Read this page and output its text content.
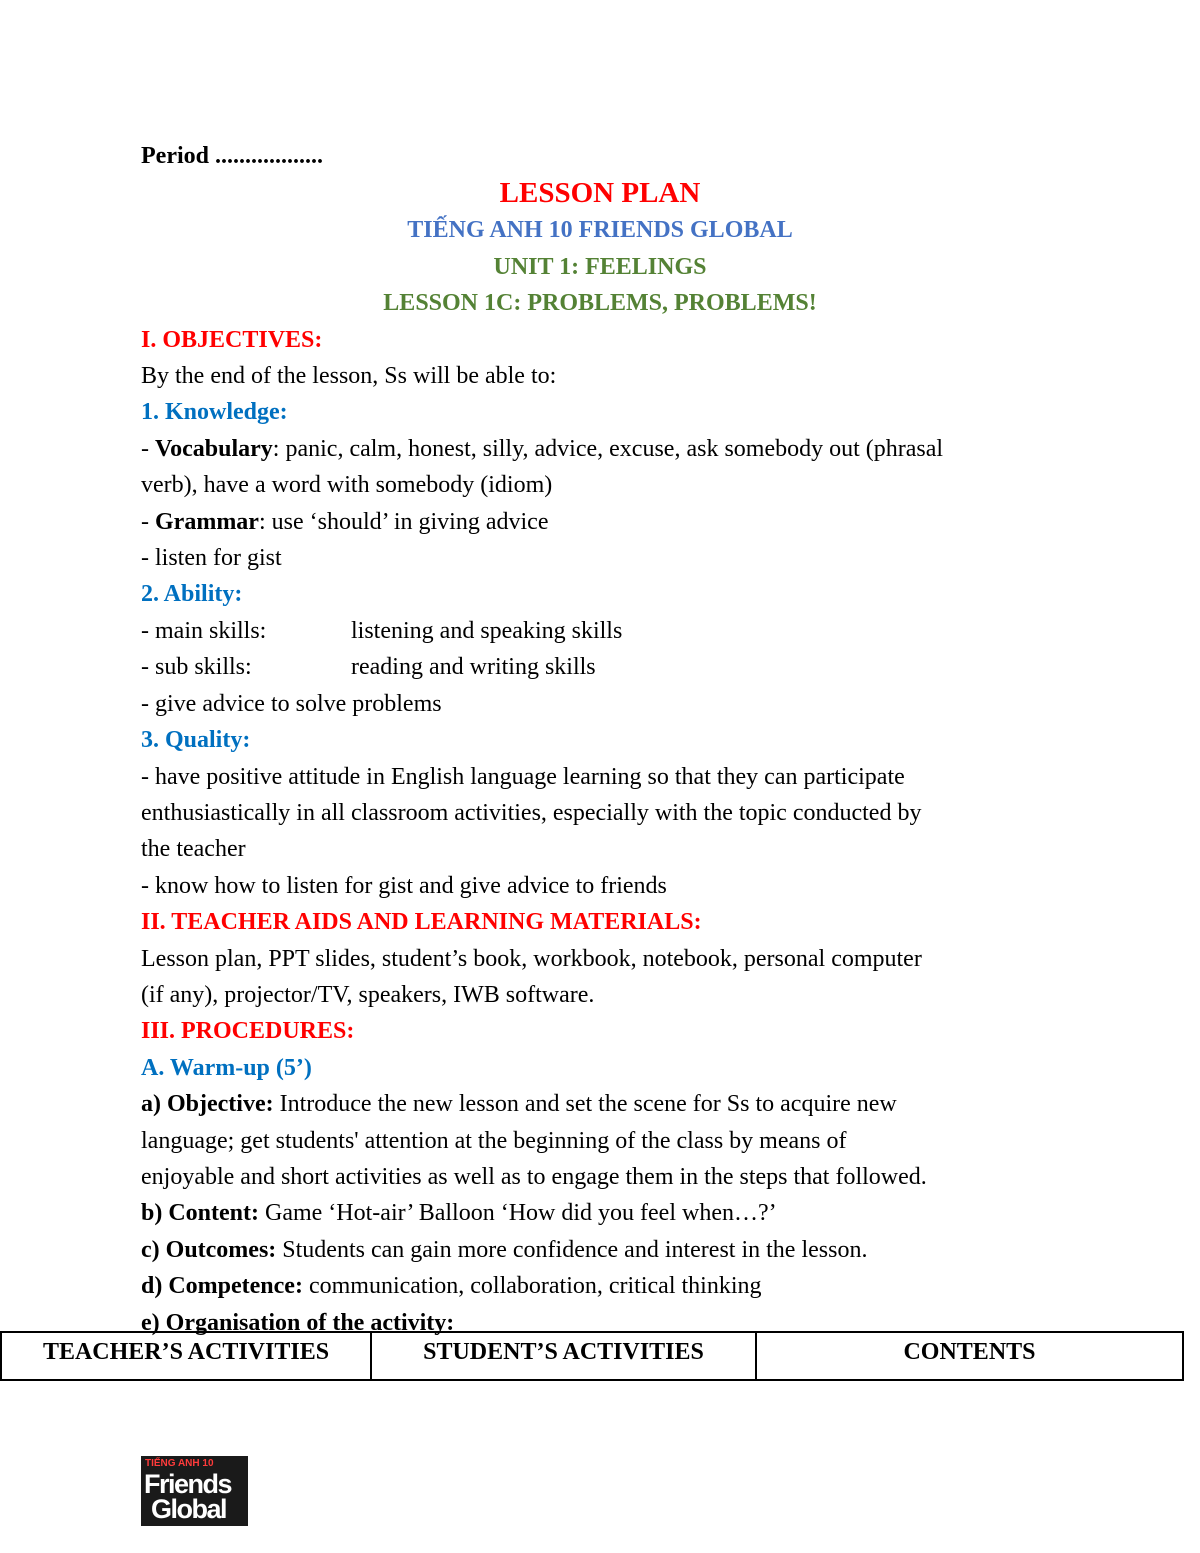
Period ..................
LESSON PLAN
TIẾNG ANH 10 FRIENDS GLOBAL
UNIT 1: FEELINGS
LESSON 1C: PROBLEMS, PROBLEMS!
I. OBJECTIVES:
By the end of the lesson, Ss will be able to:
1. Knowledge:
- Vocabulary: panic, calm, honest, silly, advice, excuse, ask somebody out (phrasal
verb), have a word with somebody (idiom)
- Grammar: use ‘should’ in giving advice
- listen for gist
2. Ability:
- main skills:	listening and speaking skills
- sub skills:	reading and writing skills
- give advice to solve problems
3. Quality:
- have positive attitude in English language learning so that they can participate
enthusiastically in all classroom activities, especially with the topic conducted by
the teacher
- know how to listen for gist and give advice to friends
II. TEACHER AIDS AND LEARNING MATERIALS:
Lesson plan, PPT slides, student’s book, workbook, notebook, personal computer
(if any), projector/TV, speakers, IWB software.
III. PROCEDURES:
A. Warm-up (5’)
a) Objective: Introduce the new lesson and set the scene for Ss to acquire new
language; get students' attention at the beginning of the class by means of
enjoyable and short activities as well as to engage them in the steps that followed.
b) Content: Game ‘Hot-air’ Balloon ‘How did you feel when…?’
c) Outcomes: Students can gain more confidence and interest in the lesson.
d) Competence: communication, collaboration, critical thinking
e) Organisation of the activity:
TEACHER’S ACTIVITIES	STUDENT’S ACTIVITIES	CONTENTS
TIẾNG ANH 10
Friends
Global
